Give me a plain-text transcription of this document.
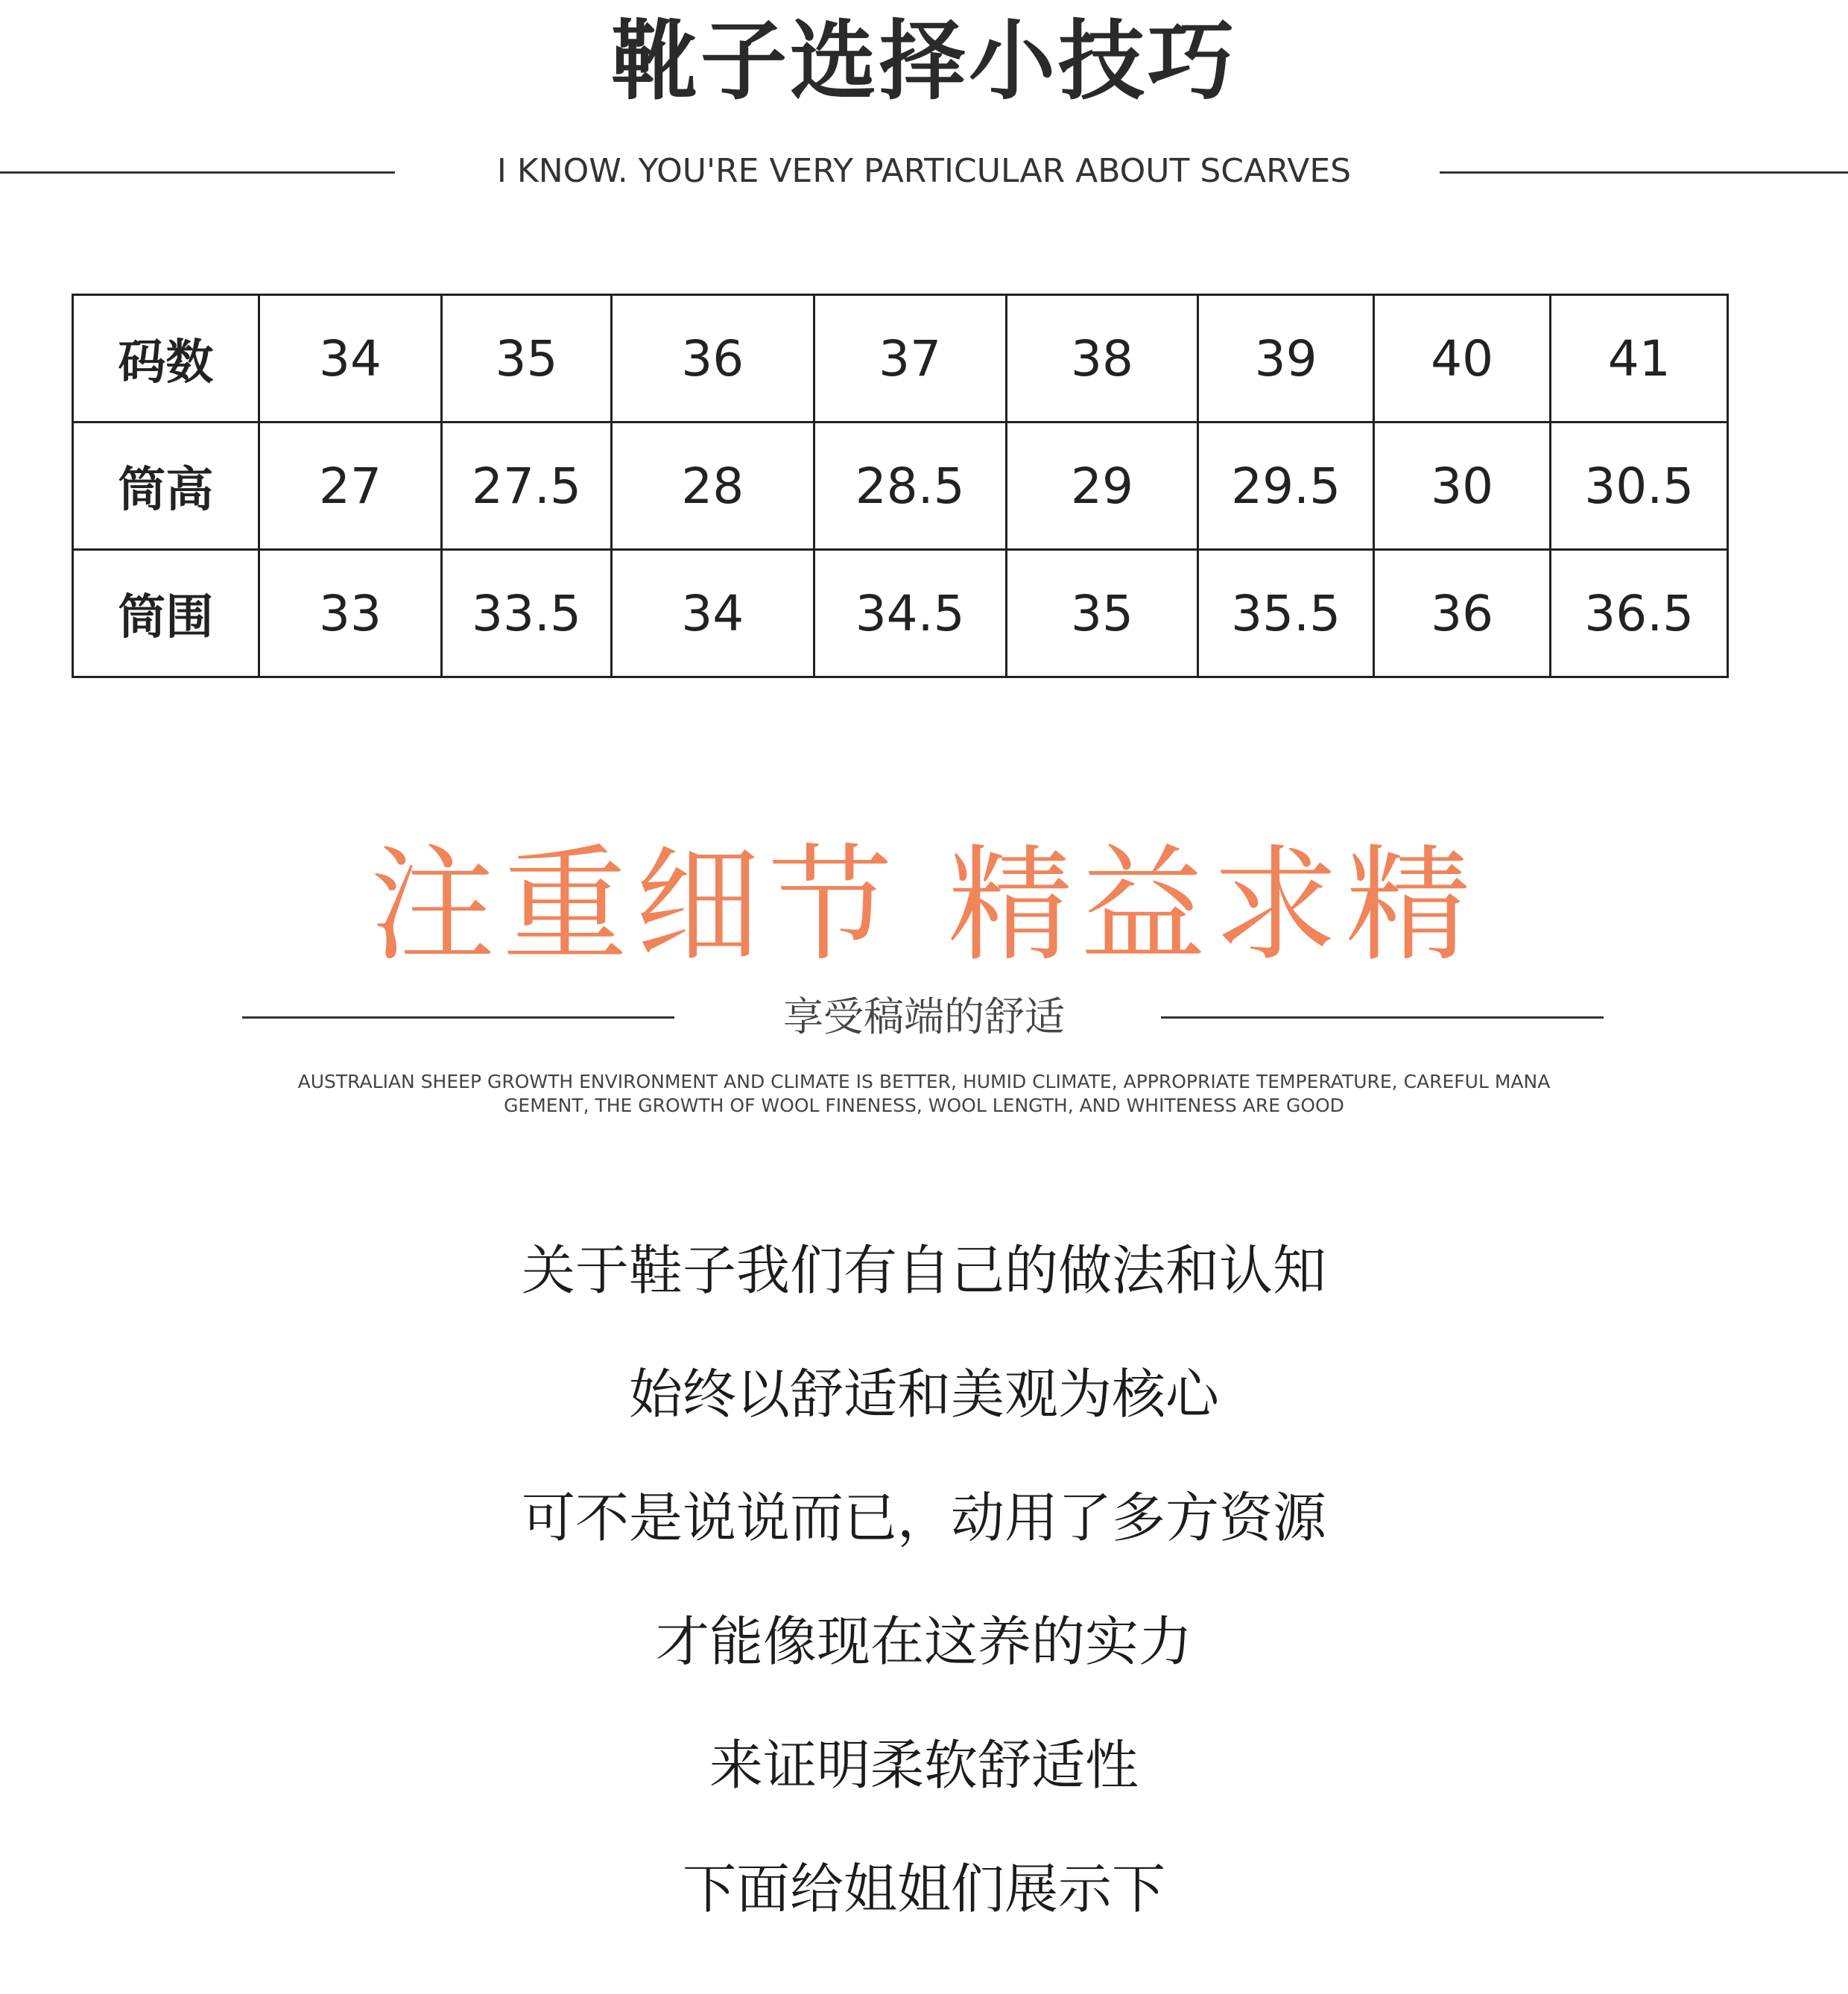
靴子选择小技巧
I KNOW. YOU'RE VERY PARTICULAR ABOUT SCARVES
码数	34	35	36	37	38	39	40	41
筒高	27	27.5	28	28.5	29	29.5	30	30.5
筒围	33	33.5	34	34.5	35	35.5	36	36.5
注重细节 精益求精
享受稿端的舒适
AUSTRALIAN SHEEP GROWTH ENVIRONMENT AND CLIMATE IS BETTER, HUMID CLIMATE, APPROPRIATE TEMPERATURE, CAREFUL MANA GEMENT, THE GROWTH OF WOOL FINENESS, WOOL LENGTH, AND WHITENESS ARE GOOD
关于鞋子我们有自己的做法和认知
始终以舒适和美观为核心
可不是说说而已，动用了多方资源
才能像现在这养的实力
来证明柔软舒适性
下面给姐姐们展示下
